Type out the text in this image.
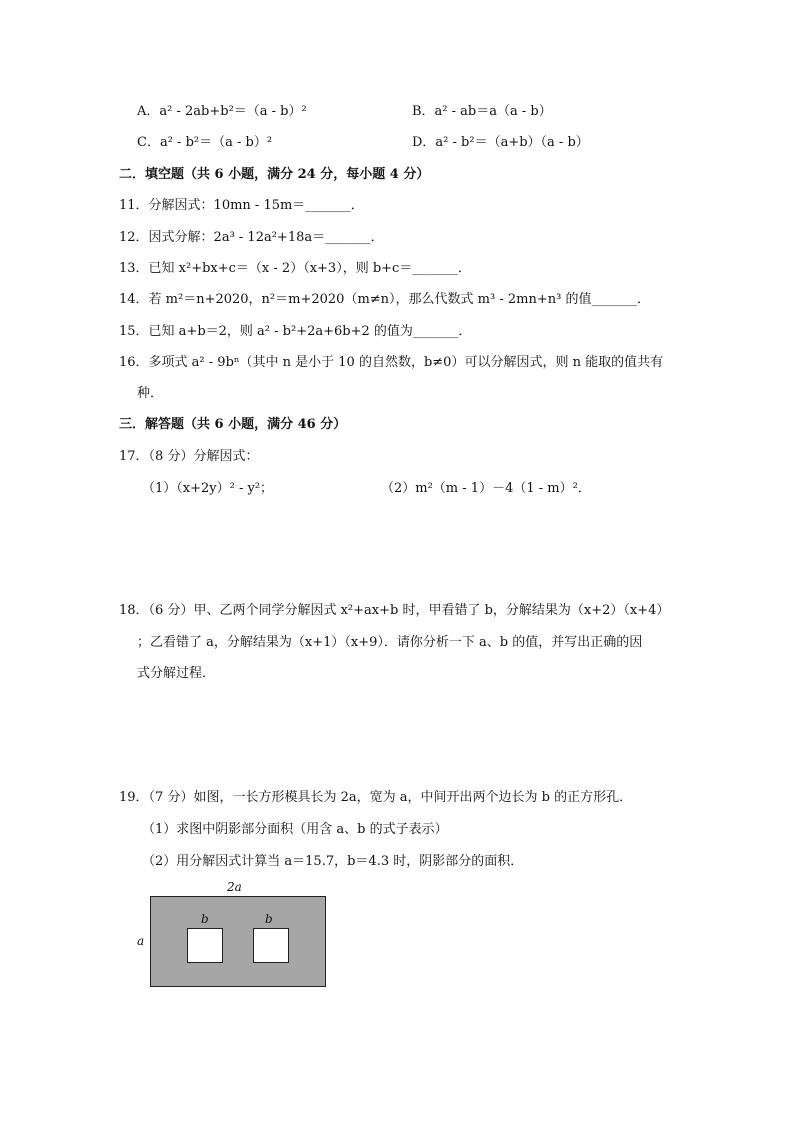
A．a² - 2ab+b²＝（a - b）²	B．a² - ab＝a（a - b）
C．a² - b²＝（a - b）²	D．a² - b²＝（a+b）（a - b）
二．填空题（共 6 小题，满分 24 分，每小题 4 分）
11．分解因式：10mn - 15m＝_______．
12．因式分解：2a³ - 12a²+18a＝_______．
13．已知 x²+bx+c＝（x - 2）（x+3），则 b+c＝_______．
14．若 m²＝n+2020，n²＝m+2020（m≠n），那么代数式 m³ - 2mn+n³ 的值_______．
15．已知 a+b＝2，则 a² - b²+2a+6b+2 的值为_______．
16．多项式 a² - 9bⁿ（其中 n 是小于 10 的自然数，b≠0）可以分解因式，则 n 能取的值共有
种．
三．解答题（共 6 小题，满分 46 分）
17．（8 分）分解因式：
（1）（x+2y）² - y²；	（2）m²（m - 1）－4（1 - m）²．
18．（6 分）甲、乙两个同学分解因式 x²+ax+b 时，甲看错了 b，分解结果为（x+2）（x+4）
；乙看错了 a，分解结果为（x+1）（x+9）．请你分析一下 a、b 的值，并写出正确的因
式分解过程．
19．（7 分）如图，一长方形模具长为 2a，宽为 a，中间开出两个边长为 b 的正方形孔．
（1）求图中阴影部分面积（用含 a、b 的式子表示）
（2）用分解因式计算当 a＝15.7，b＝4.3 时，阴影部分的面积．
2a
a
b	b
